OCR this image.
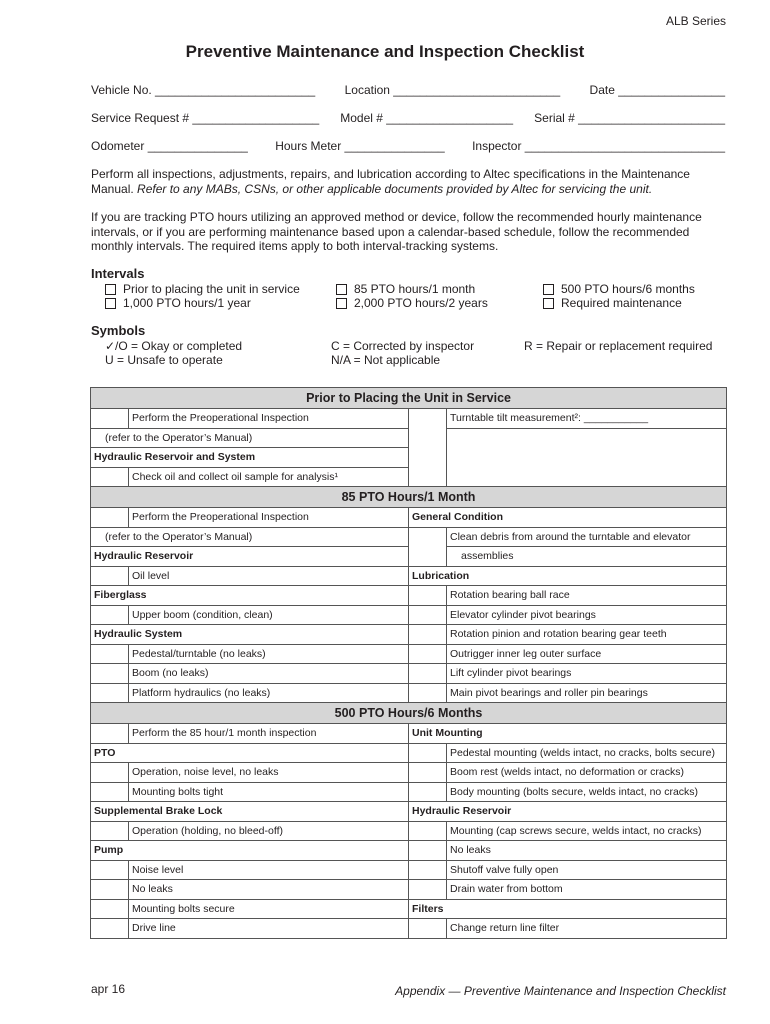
ALB Series
Preventive Maintenance and Inspection Checklist
Vehicle No. ________________________ Location _________________________ Date ________________
Service Request # ___________________ Model # ___________________ Serial # ______________________
Odometer _______________ Hours Meter _______________ Inspector ______________________________
Perform all inspections, adjustments, repairs, and lubrication according to Altec specifications in the Maintenance Manual. Refer to any MABs, CSNs, or other applicable documents provided by Altec for servicing the unit.
If you are tracking PTO hours utilizing an approved method or device, follow the recommended hourly maintenance intervals, or if you are performing maintenance based upon a calendar-based schedule, follow the recommended monthly intervals. The required items apply to both interval-tracking systems.
Intervals
Prior to placing the unit in service	85 PTO hours/1 month	500 PTO hours/6 months
1,000 PTO hours/1 year	2,000 PTO hours/2 years	Required maintenance
Symbols
✓/O = Okay or completed	C = Corrected by inspector	R = Repair or replacement required
U = Unsafe to operate	N/A = Not applicable
Prior to Placing the Unit in Service			
	Perform the Preoperational Inspection		Turntable tilt measurement²: ___________
(refer to the Operator’s Manual)			
Hydraulic Reservoir and System			
	Check oil and collect oil sample for analysis¹		
85 PTO Hours/1 Month			
	Perform the Preoperational Inspection	General Condition	
(refer to the Operator’s Manual)			Clean debris from around the turntable and elevator
Hydraulic Reservoir			assemblies
	Oil level	Lubrication	
Fiberglass			Rotation bearing ball race
	Upper boom (condition, clean)		Elevator cylinder pivot bearings
Hydraulic System			Rotation pinion and rotation bearing gear teeth
	Pedestal/turntable (no leaks)		Outrigger inner leg outer surface
	Boom (no leaks)		Lift cylinder pivot bearings
	Platform hydraulics (no leaks)		Main pivot bearings and roller pin bearings
500 PTO Hours/6 Months			
	Perform the 85 hour/1 month inspection	Unit Mounting	
PTO			Pedestal mounting (welds intact, no cracks, bolts secure)
	Operation, noise level, no leaks		Boom rest (welds intact, no deformation or cracks)
	Mounting bolts tight		Body mounting (bolts secure, welds intact, no cracks)
Supplemental Brake Lock		Hydraulic Reservoir	
	Operation (holding, no bleed-off)		Mounting (cap screws secure, welds intact, no cracks)
Pump			No leaks
	Noise level		Shutoff valve fully open
	No leaks		Drain water from bottom
	Mounting bolts secure	Filters	
	Drive line		Change return line filter
apr 16	Appendix — Preventive Maintenance and Inspection Checklist
